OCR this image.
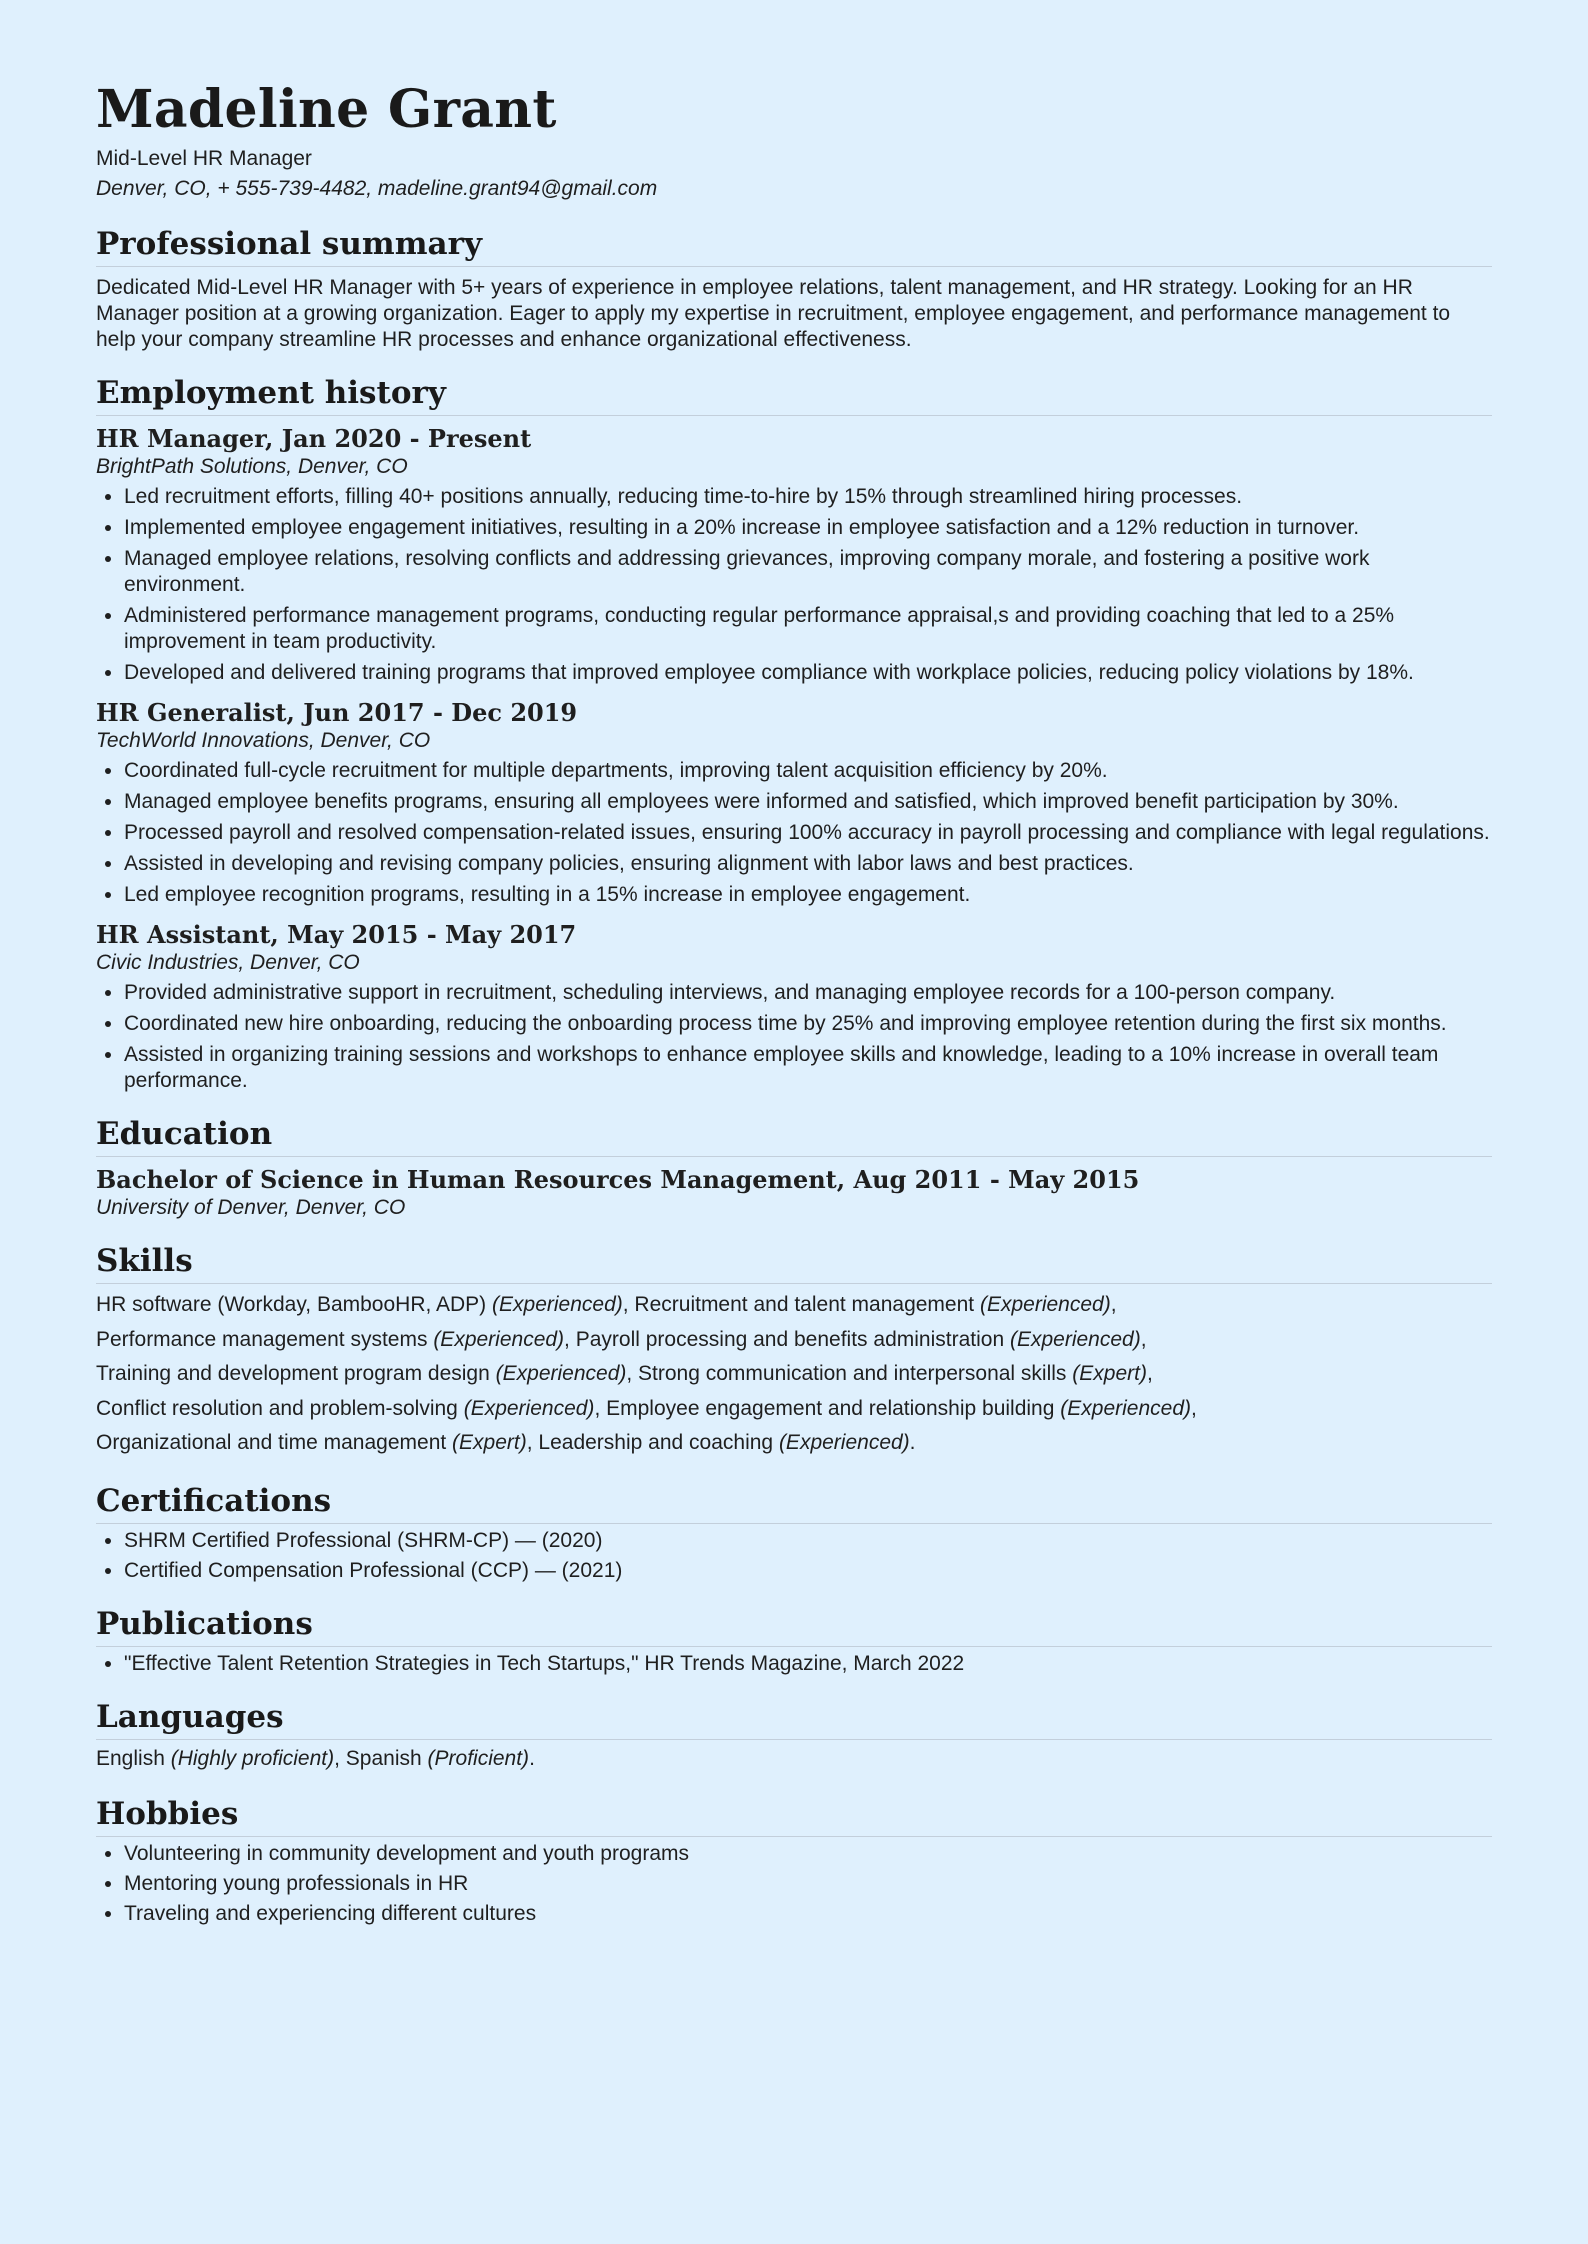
Madeline Grant
Mid-Level HR Manager
Denver, CO, + 555-739-4482, madeline.grant94@gmail.com
Professional summary
Dedicated Mid-Level HR Manager with 5+ years of experience in employee relations, talent management, and HR strategy. Looking for an HR Manager position at a growing organization. Eager to apply my expertise in recruitment, employee engagement, and performance management to help your company streamline HR processes and enhance organizational effectiveness.
Employment history
HR Manager, Jan 2020 - Present
BrightPath Solutions, Denver, CO
• Led recruitment efforts, filling 40+ positions annually, reducing time-to-hire by 15% through streamlined hiring processes.
• Implemented employee engagement initiatives, resulting in a 20% increase in employee satisfaction and a 12% reduction in turnover.
• Managed employee relations, resolving conflicts and addressing grievances, improving company morale, and fostering a positive work environment.
• Administered performance management programs, conducting regular performance appraisal,s and providing coaching that led to a 25% improvement in team productivity.
• Developed and delivered training programs that improved employee compliance with workplace policies, reducing policy violations by 18%.
HR Generalist, Jun 2017 - Dec 2019
TechWorld Innovations, Denver, CO
• Coordinated full-cycle recruitment for multiple departments, improving talent acquisition efficiency by 20%.
• Managed employee benefits programs, ensuring all employees were informed and satisfied, which improved benefit participation by 30%.
• Processed payroll and resolved compensation-related issues, ensuring 100% accuracy in payroll processing and compliance with legal regulations.
• Assisted in developing and revising company policies, ensuring alignment with labor laws and best practices.
• Led employee recognition programs, resulting in a 15% increase in employee engagement.
HR Assistant, May 2015 - May 2017
Civic Industries, Denver, CO
• Provided administrative support in recruitment, scheduling interviews, and managing employee records for a 100-person company.
• Coordinated new hire onboarding, reducing the onboarding process time by 25% and improving employee retention during the first six months.
• Assisted in organizing training sessions and workshops to enhance employee skills and knowledge, leading to a 10% increase in overall team performance.
Education
Bachelor of Science in Human Resources Management, Aug 2011 - May 2015
University of Denver, Denver, CO
Skills
HR software (Workday, BambooHR, ADP) (Experienced), Recruitment and talent management (Experienced),
Performance management systems (Experienced), Payroll processing and benefits administration (Experienced),
Training and development program design (Experienced), Strong communication and interpersonal skills (Expert),
Conflict resolution and problem-solving (Experienced), Employee engagement and relationship building (Experienced),
Organizational and time management (Expert), Leadership and coaching (Experienced).
Certifications
• SHRM Certified Professional (SHRM-CP) — (2020)
• Certified Compensation Professional (CCP) — (2021)
Publications
• "Effective Talent Retention Strategies in Tech Startups," HR Trends Magazine, March 2022
Languages
English (Highly proficient), Spanish (Proficient).
Hobbies
• Volunteering in community development and youth programs
• Mentoring young professionals in HR
• Traveling and experiencing different cultures
